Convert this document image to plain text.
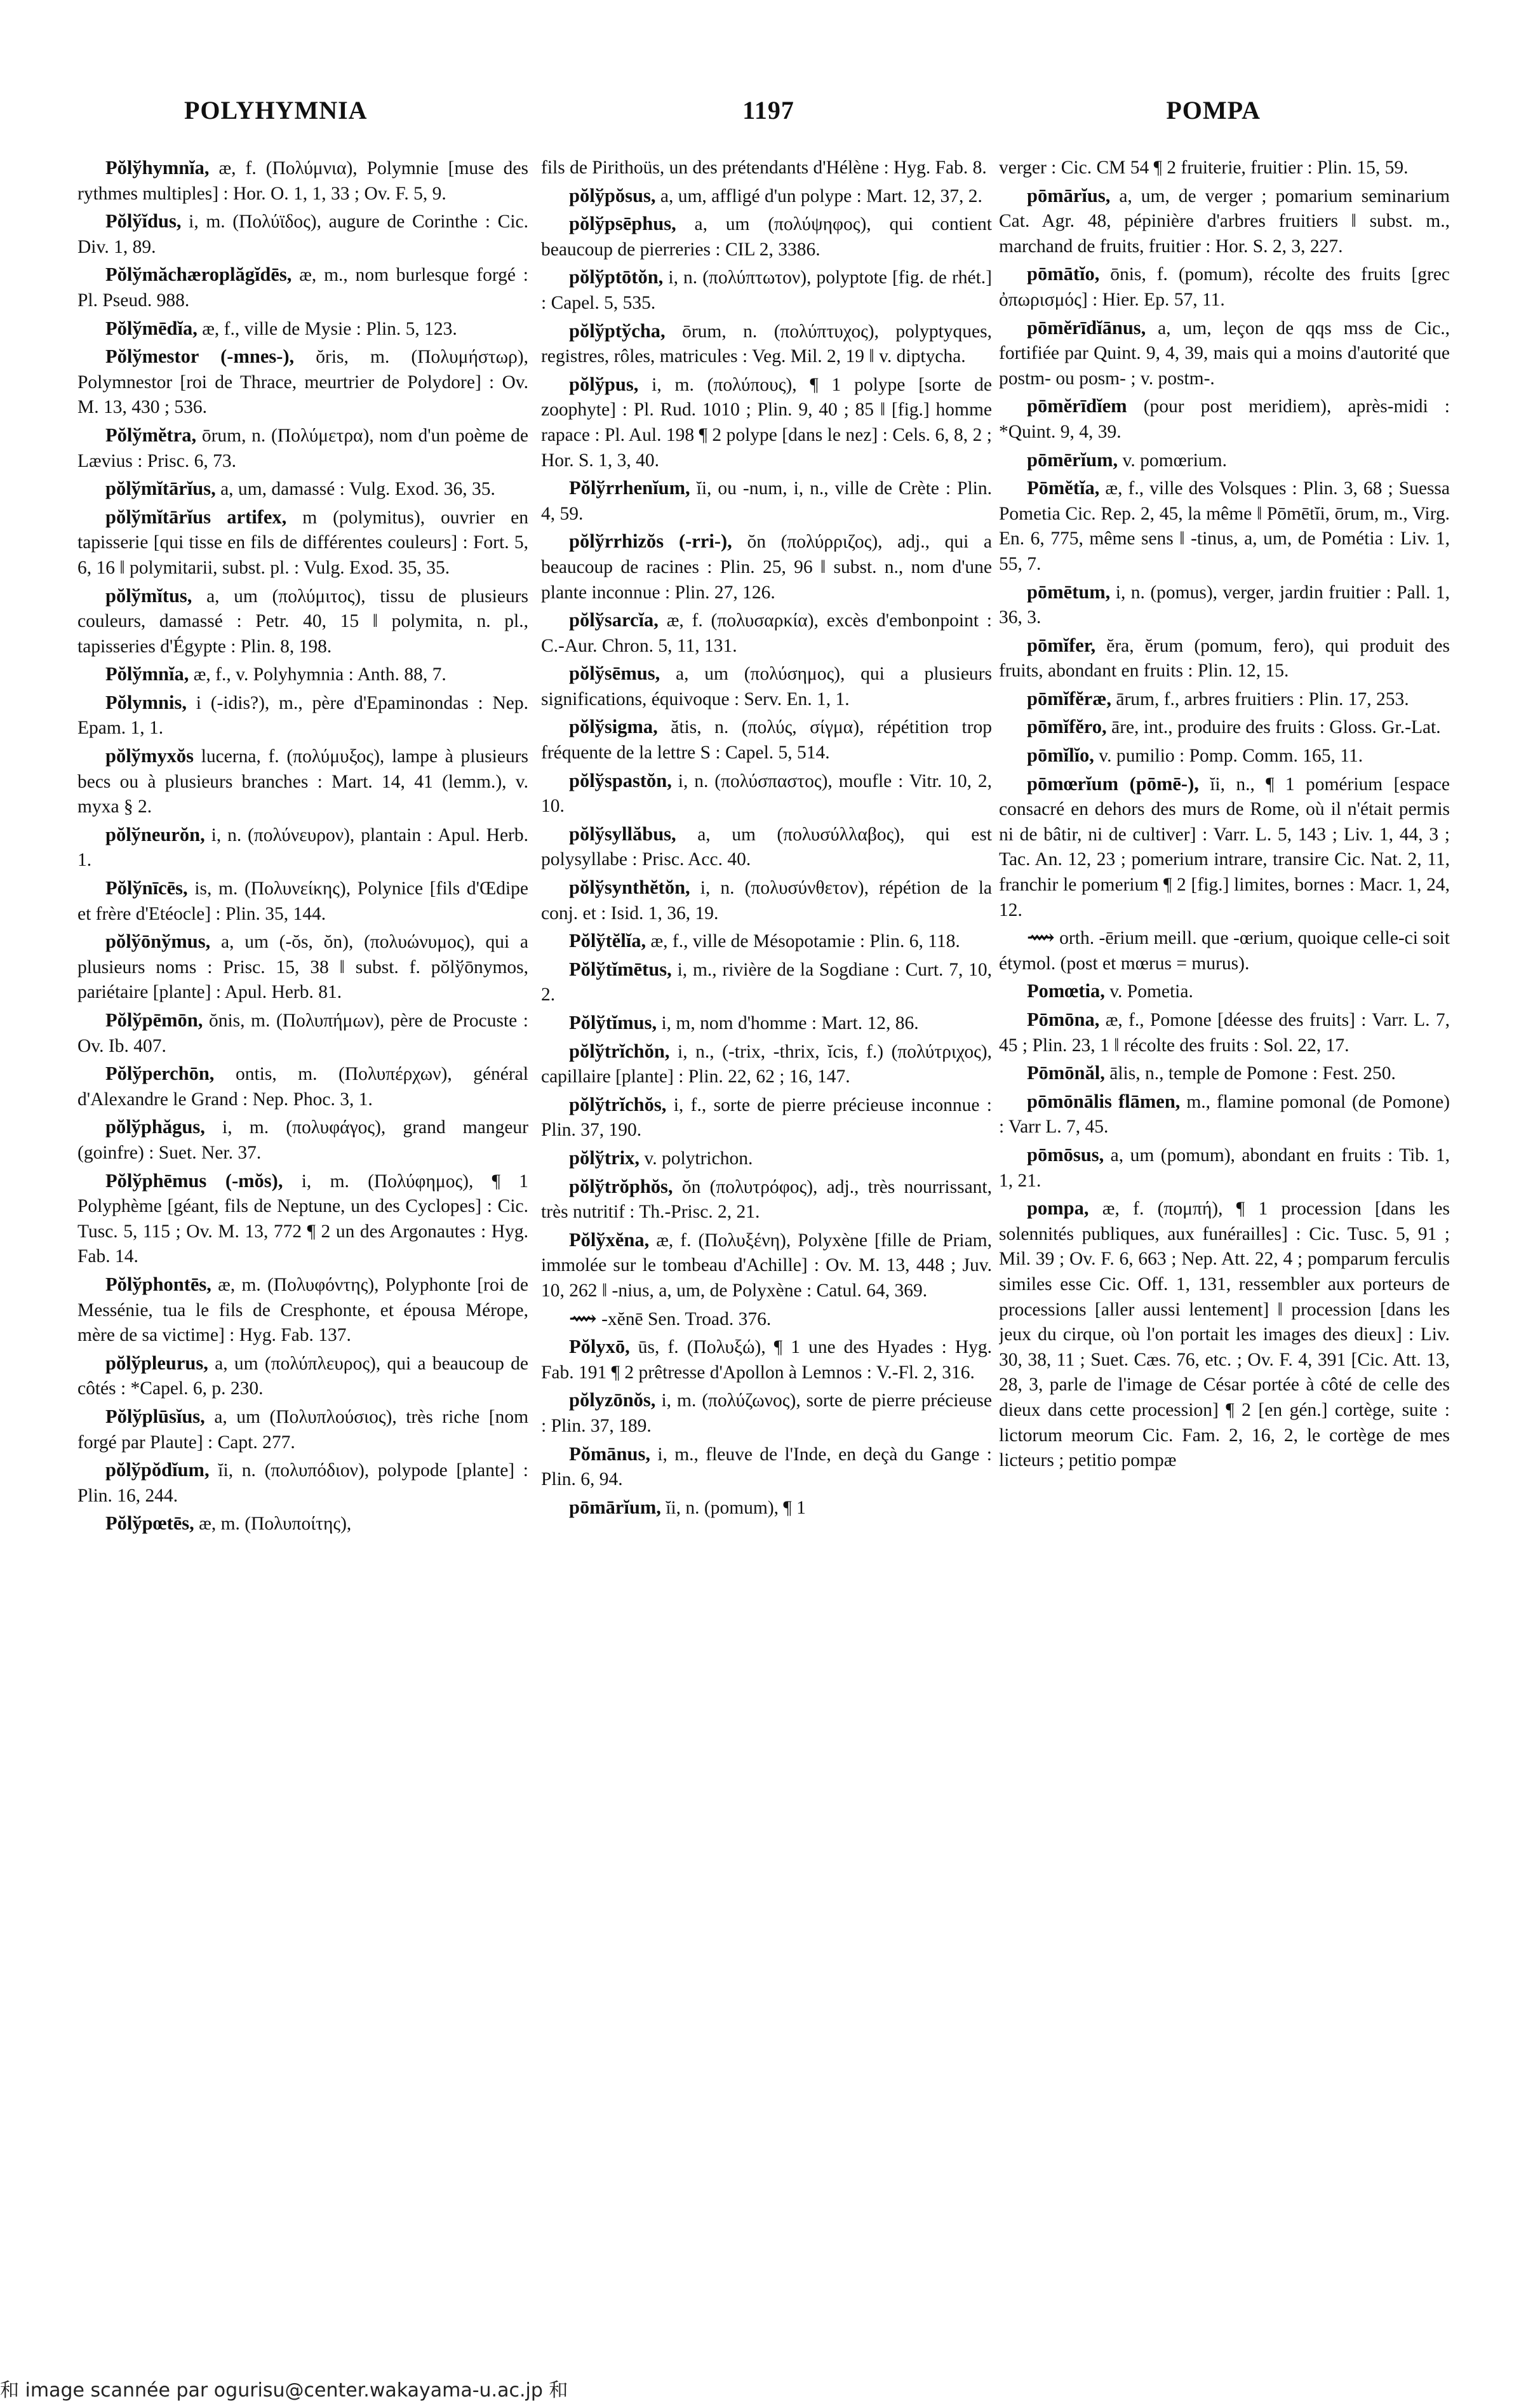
POLYHYMNIA	1197	POMPA

Pŏlўhymnĭa, æ, f. (Πολύμνια), Polymnie [muse des rythmes multiples] : Hor. O. 1, 1, 33 ; Ov. F. 5, 9.

Pŏlўĭdus, i, m. (Πολύϊδος), augure de Corinthe : Cic. Div. 1, 89.

Pŏlўmăchæroplăgĭdēs, æ, m., nom burlesque forgé : Pl. Pseud. 988.

Pŏlўmēdĭa, æ, f., ville de Mysie : Plin. 5, 123.

Pŏlўmestor (-mnes-), ŏris, m. (Πολυμήστωρ), Polymnestor [roi de Thrace, meurtrier de Polydore] : Ov. M. 13, 430 ; 536.

Pŏlўmĕtra, ōrum, n. (Πολύμετρα), nom d'un poème de Lævius : Prisc. 6, 73.

pŏlўmĭtārĭus, a, um, damassé : Vulg. Exod. 36, 35.

pŏlўmĭtārĭus artifex, m (polymitus), ouvrier en tapisserie [qui tisse en fils de différentes couleurs] : Fort. 5, 6, 16 ‖ polymitarii, subst. pl. : Vulg. Exod. 35, 35.

pŏlўmĭtus, a, um (πολύμιτος), tissu de plusieurs couleurs, damassé : Petr. 40, 15 ‖ polymita, n. pl., tapisseries d'Égypte : Plin. 8, 198.

Pŏlўmnĭa, æ, f., v. Polyhymnia : Anth. 88, 7.

Pŏlymnis, i (-idis?), m., père d'Epaminondas : Nep. Epam. 1, 1.

pŏlўmyxŏs lucerna, f. (πολύμυξος), lampe à plusieurs becs ou à plusieurs branches : Mart. 14, 41 (lemm.), v. myxa § 2.

pŏlўneurŏn, i, n. (πολύνευρον), plantain : Apul. Herb. 1.

Pŏlўnīcēs, is, m. (Πολυνείκης), Polynice [fils d'Œdipe et frère d'Etéocle] : Plin. 35, 144.

pŏlўōnўmus, a, um (-ŏs, ŏn), (πολυώνυμος), qui a plusieurs noms : Prisc. 15, 38 ‖ subst. f. pŏlўōnymos, pariétaire [plante] : Apul. Herb. 81.

Pŏlўpēmōn, ŏnis, m. (Πολυπήμων), père de Procuste : Ov. Ib. 407.

Pŏlўperchōn, ontis, m. (Πολυπέρχων), général d'Alexandre le Grand : Nep. Phoc. 3, 1.

pŏlўphăgus, i, m. (πολυφάγος), grand mangeur (goinfre) : Suet. Ner. 37.

Pŏlўphēmus (-mŏs), i, m. (Πολύφημος), ¶ 1 Polyphème [géant, fils de Neptune, un des Cyclopes] : Cic. Tusc. 5, 115 ; Ov. M. 13, 772 ¶ 2 un des Argonautes : Hyg. Fab. 14.

Pŏlўphontēs, æ, m. (Πολυφόντης), Polyphonte [roi de Messénie, tua le fils de Cresphonte, et épousa Mérope, mère de sa victime] : Hyg. Fab. 137.

pŏlўpleurus, a, um (πολύπλευρος), qui a beaucoup de côtés : *Capel. 6, p. 230.

Pŏlўplūsĭus, a, um (Πολυπλούσιος), très riche [nom forgé par Plaute] : Capt. 277.

pŏlўpŏdĭum, ĭi, n. (πολυπόδιον), polypode [plante] : Plin. 16, 244.

Pŏlўpœtēs, æ, m. (Πολυποίτης),

fils de Pirithoüs, un des prétendants d'Hélène : Hyg. Fab. 8.

pŏlўpŏsus, a, um, affligé d'un polype : Mart. 12, 37, 2.

pŏlўpsēphus, a, um (πολύψηφος), qui contient beaucoup de pierreries : CIL 2, 3386.

pŏlўptōtŏn, i, n. (πολύπτωτον), polyptote [fig. de rhét.] : Capel. 5, 535.

pŏlўptўcha, ōrum, n. (πολύπτυχος), polyptyques, registres, rôles, matricules : Veg. Mil. 2, 19 ‖ v. diptycha.

pŏlўpus, i, m. (πολύπους), ¶ 1 polype [sorte de zoophyte] : Pl. Rud. 1010 ; Plin. 9, 40 ; 85 ‖ [fig.] homme rapace : Pl. Aul. 198 ¶ 2 polype [dans le nez] : Cels. 6, 8, 2 ; Hor. S. 1, 3, 40.

Pŏlўrrhenĭum, ĭi, ou -num, i, n., ville de Crète : Plin. 4, 59.

pŏlўrrhizŏs (-rri-), ŏn (πολύρριζος), adj., qui a beaucoup de racines : Plin. 25, 96 ‖ subst. n., nom d'une plante inconnue : Plin. 27, 126.

pŏlўsarcĭa, æ, f. (πολυσαρκία), excès d'embonpoint : C.-Aur. Chron. 5, 11, 131.

pŏlўsēmus, a, um (πολύσημος), qui a plusieurs significations, équivoque : Serv. En. 1, 1.

pŏlўsigma, ătis, n. (πολύς, σίγμα), répétition trop fréquente de la lettre S : Capel. 5, 514.

pŏlўspastŏn, i, n. (πολύσπαστος), moufle : Vitr. 10, 2, 10.

pŏlўsyllăbus, a, um (πολυσύλλαβος), qui est polysyllabe : Prisc. Acc. 40.

pŏlўsynthĕtŏn, i, n. (πολυσύνθετον), répétion de la conj. et : Isid. 1, 36, 19.

Pŏlўtĕlĭa, æ, f., ville de Mésopotamie : Plin. 6, 118.

Pŏlўtĭmētus, i, m., rivière de la Sogdiane : Curt. 7, 10, 2.

Pŏlўtĭmus, i, m, nom d'homme : Mart. 12, 86.

pŏlўtrĭchŏn, i, n., (-trix, -thrix, ĭcis, f.) (πολύτριχος), capillaire [plante] : Plin. 22, 62 ; 16, 147.

pŏlўtrĭchŏs, i, f., sorte de pierre précieuse inconnue : Plin. 37, 190.

pŏlўtrix, v. polytrichon.

pŏlўtrŏphŏs, ŏn (πολυτρόφος), adj., très nourrissant, très nutritif : Th.-Prisc. 2, 21.

Pŏlўxĕna, æ, f. (Πολυξένη), Polyxène [fille de Priam, immolée sur le tombeau d'Achille] : Ov. M. 13, 448 ; Juv. 10, 262 ‖ -nius, a, um, de Polyxène : Catul. 64, 369.

⟿ -xĕnē Sen. Troad. 376.

Pŏlyxō, ūs, f. (Πολυξώ), ¶ 1 une des Hyades : Hyg. Fab. 191 ¶ 2 prêtresse d'Apollon à Lemnos : V.-Fl. 2, 316.

pŏlyzōnŏs, i, m. (πολύζωνος), sorte de pierre précieuse : Plin. 37, 189.

Pŏmānus, i, m., fleuve de l'Inde, en deçà du Gange : Plin. 6, 94.

pōmārĭum, ĭi, n. (pomum), ¶ 1

verger : Cic. CM 54 ¶ 2 fruiterie, fruitier : Plin. 15, 59.

pōmārĭus, a, um, de verger ; pomarium seminarium Cat. Agr. 48, pépinière d'arbres fruitiers ‖ subst. m., marchand de fruits, fruitier : Hor. S. 2, 3, 227.

pōmātĭo, ōnis, f. (pomum), récolte des fruits [grec ὀπωρισμός] : Hier. Ep. 57, 11.

pōmĕrīdĭānus, a, um, leçon de qqs mss de Cic., fortifiée par Quint. 9, 4, 39, mais qui a moins d'autorité que postm- ou posm- ; v. postm-.

pōmĕrīdĭem (pour post meridiem), après-midi : *Quint. 9, 4, 39.

pōmērĭum, v. pomœrium.

Pōmĕtĭa, æ, f., ville des Volsques : Plin. 3, 68 ; Suessa Pometia Cic. Rep. 2, 45, la même ‖ Pōmētĭi, ōrum, m., Virg. En. 6, 775, même sens ‖ -tinus, a, um, de Pométia : Liv. 1, 55, 7.

pōmētum, i, n. (pomus), verger, jardin fruitier : Pall. 1, 36, 3.

pōmĭfer, ĕra, ĕrum (pomum, fero), qui produit des fruits, abondant en fruits : Plin. 12, 15.

pōmĭfĕræ, ārum, f., arbres fruitiers : Plin. 17, 253.

pōmĭfĕro, āre, int., produire des fruits : Gloss. Gr.-Lat.

pōmĭlĭo, v. pumilio : Pomp. Comm. 165, 11.

pōmœrĭum (pōmē-), ĭi, n., ¶ 1 pomérium [espace consacré en dehors des murs de Rome, où il n'était permis ni de bâtir, ni de cultiver] : Varr. L. 5, 143 ; Liv. 1, 44, 3 ; Tac. An. 12, 23 ; pomerium intrare, transire Cic. Nat. 2, 11, franchir le pomerium ¶ 2 [fig.] limites, bornes : Macr. 1, 24, 12.

⟿ orth. -ērium meill. que -œrium, quoique celle-ci soit étymol. (post et mœrus = murus).

Pomœtia, v. Pometia.

Pōmōna, æ, f., Pomone [déesse des fruits] : Varr. L. 7, 45 ; Plin. 23, 1 ‖ récolte des fruits : Sol. 22, 17.

Pōmōnăl, ālis, n., temple de Pomone : Fest. 250.

pōmōnālis flāmen, m., flamine pomonal (de Pomone) : Varr L. 7, 45.

pōmōsus, a, um (pomum), abondant en fruits : Tib. 1, 1, 21.

pompa, æ, f. (πομπή), ¶ 1 procession [dans les solennités publiques, aux funérailles] : Cic. Tusc. 5, 91 ; Mil. 39 ; Ov. F. 6, 663 ; Nep. Att. 22, 4 ; pomparum ferculis similes esse Cic. Off. 1, 131, ressembler aux porteurs de processions [aller aussi lentement] ‖ procession [dans les jeux du cirque, où l'on portait les images des dieux] : Liv. 30, 38, 11 ; Suet. Cæs. 76, etc. ; Ov. F. 4, 391 [Cic. Att. 13, 28, 3, parle de l'image de César portée à côté de celle des dieux dans cette procession] ¶ 2 [en gén.] cortège, suite : lictorum meorum Cic. Fam. 2, 16, 2, le cortège de mes licteurs ; petitio pompæ

和 image scannée par ogurisu@center.wakayama-u.ac.jp 和
